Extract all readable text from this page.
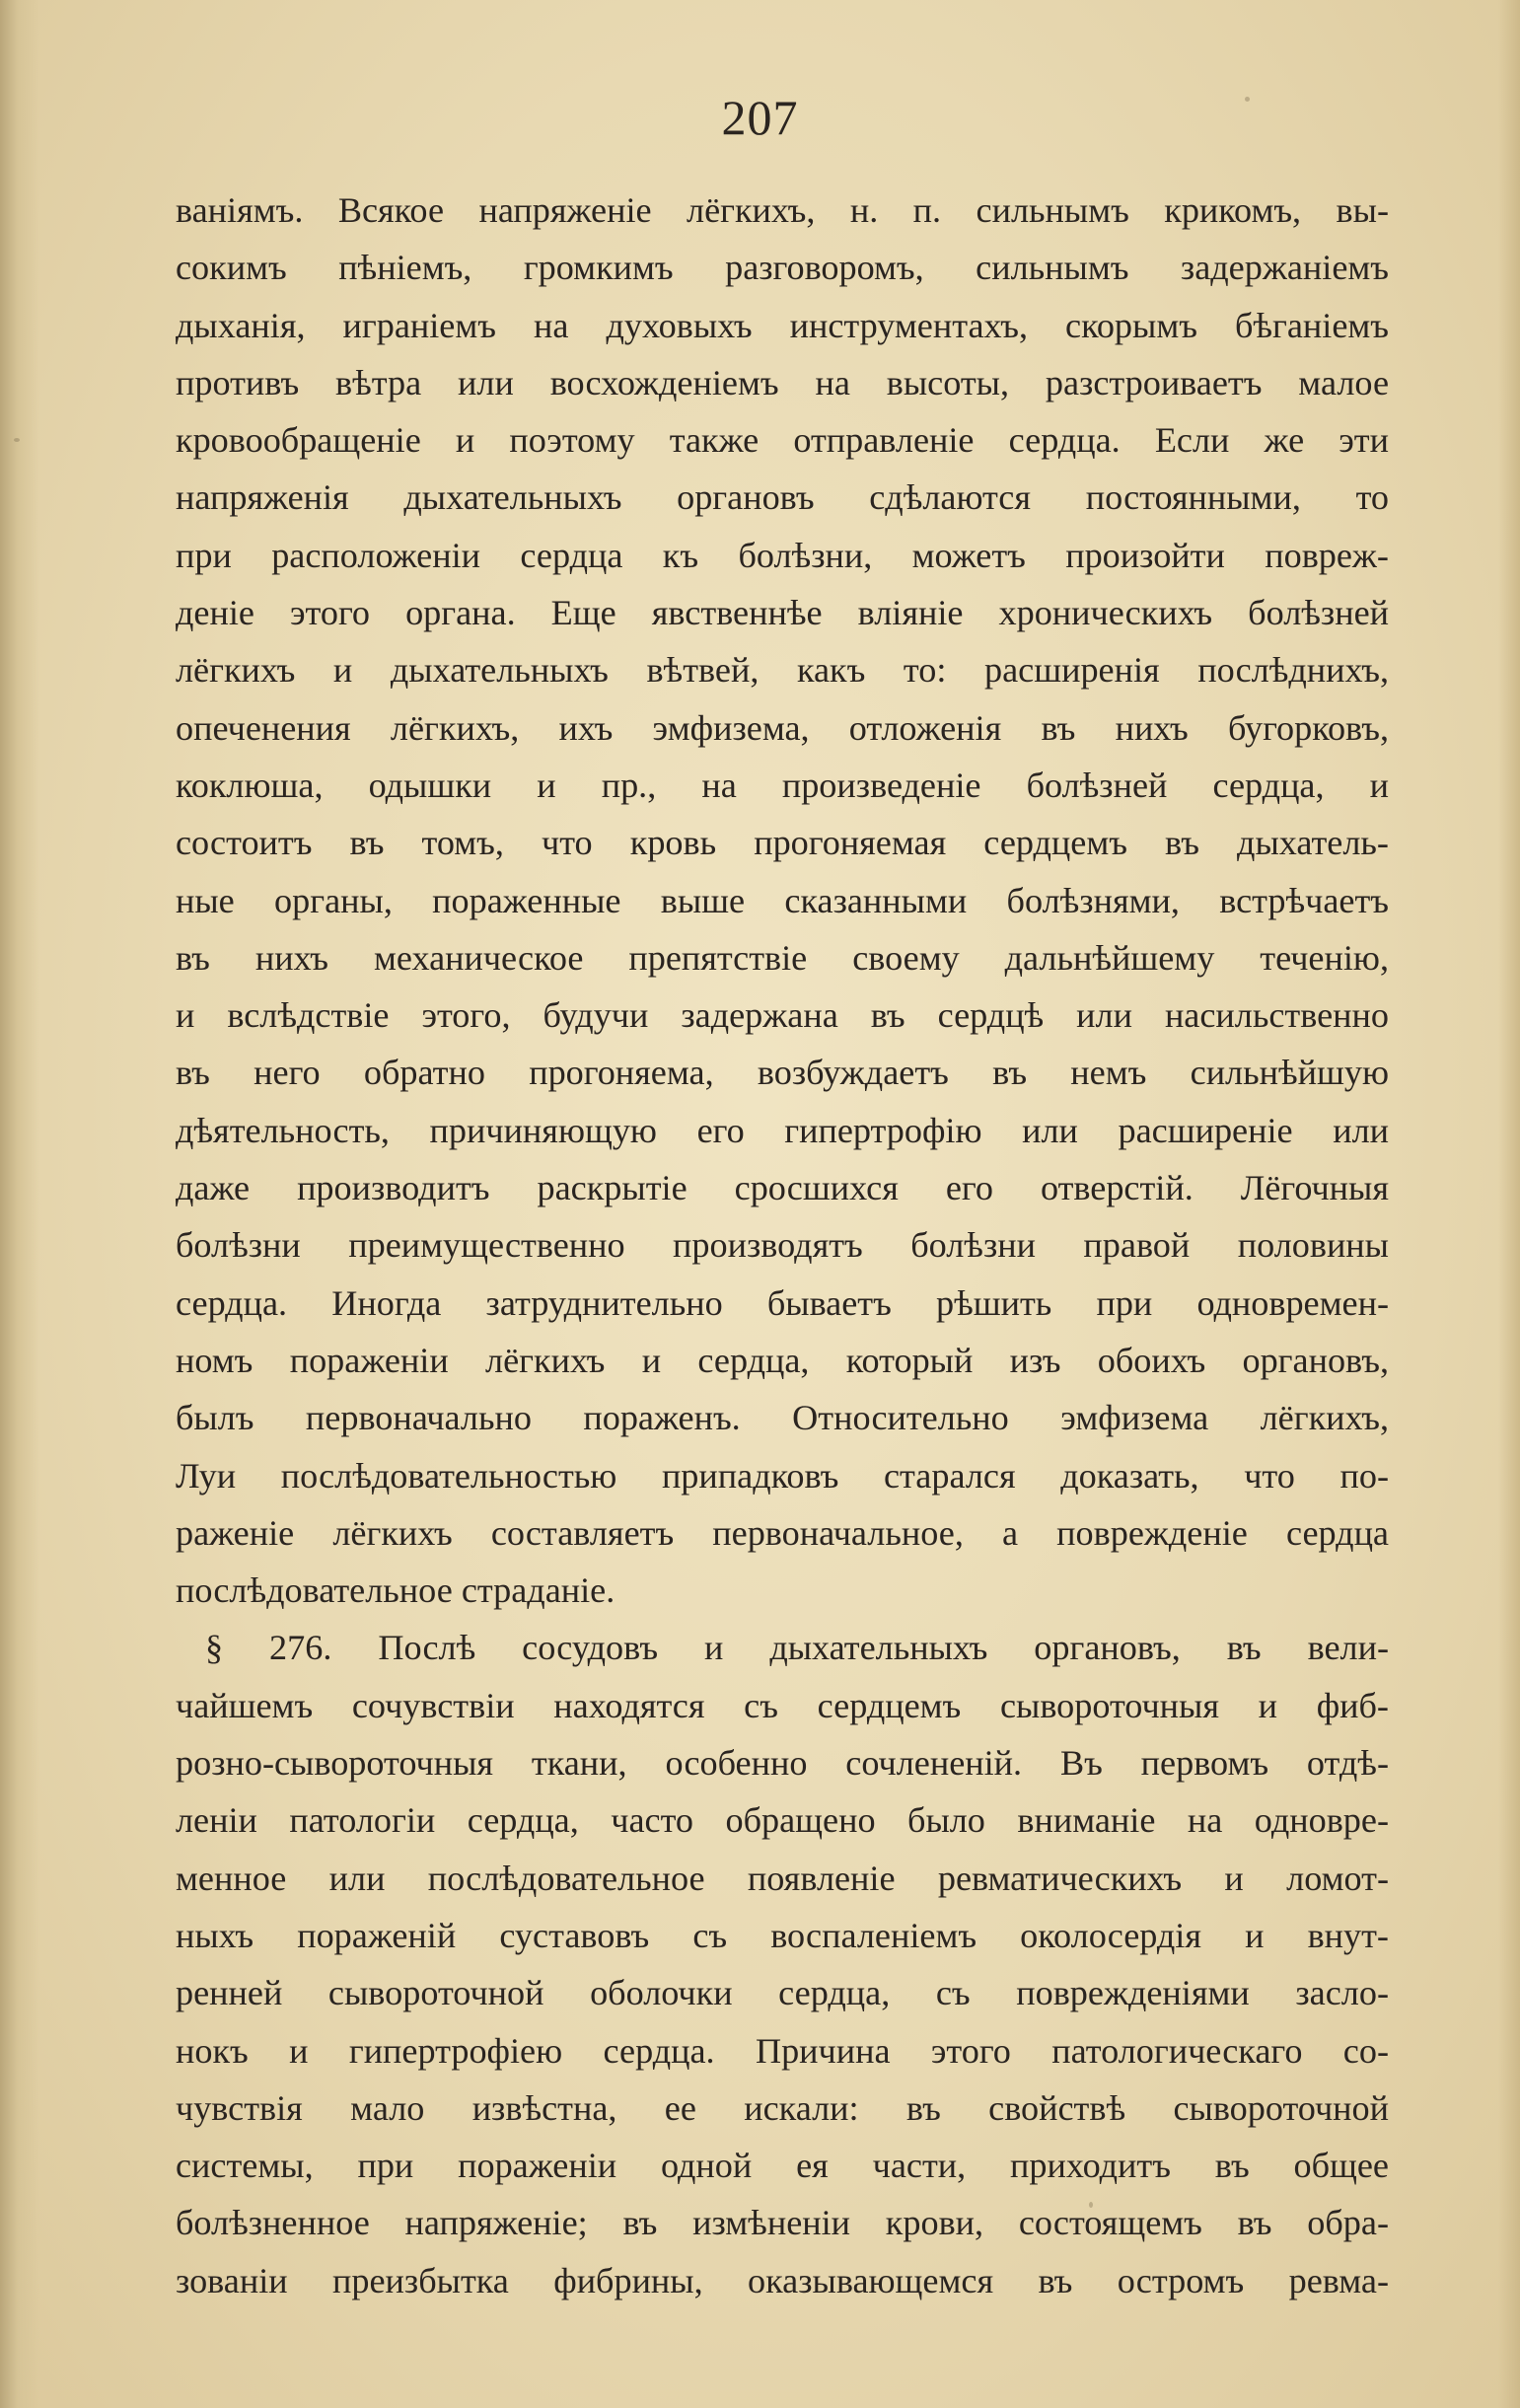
207
ваніямъ. Всякое напряженіе лёгкихъ, н. п. сильнымъ крикомъ, вы-
сокимъ пѣніемъ, громкимъ разговоромъ, сильнымъ задержаніемъ
дыханія, играніемъ на духовыхъ инструментахъ, скорымъ бѣганіемъ
противъ вѣтра или восхожденіемъ на высоты, разстроиваетъ малое
кровообращеніе и поэтому также отправленіе сердца. Если же эти
напряженія дыхательныхъ органовъ сдѣлаются постоянными, то
при расположеніи сердца къ болѣзни, можетъ произойти повреж-
деніе этого органа. Еще явственнѣе вліяніе хроническихъ болѣзней
лёгкихъ и дыхательныхъ вѣтвей, какъ то: расширенія послѣднихъ,
опеченения лёгкихъ, ихъ эмфизема, отложенія въ нихъ бугорковъ,
коклюша, одышки и пр., на произведеніе болѣзней сердца, и
состоитъ въ томъ, что кровь прогоняемая сердцемъ въ дыхатель-
ные органы, пораженные выше сказанными болѣзнями, встрѣчаетъ
въ нихъ механическое препятствіе своему дальнѣйшему теченію,
и вслѣдствіе этого, будучи задержана въ сердцѣ или насильственно
въ него обратно прогоняема, возбуждаетъ въ немъ сильнѣйшую
дѣятельность, причиняющую его гипертрофію или расширеніе или
даже производитъ раскрытіе сросшихся его отверстій. Лёгочныя
болѣзни преимущественно производятъ болѣзни правой половины
сердца. Иногда затруднительно бываетъ рѣшить при одновремен-
номъ пораженіи лёгкихъ и сердца, который изъ обоихъ органовъ,
былъ первоначально пораженъ. Относительно эмфизема лёгкихъ,
Луи послѣдовательностью припадковъ старался доказать, что по-
раженіе лёгкихъ составляетъ первоначальное, а поврежденіе сердца
послѣдовательное страданіе.
§ 276. Послѣ сосудовъ и дыхательныхъ органовъ, въ вели-
чайшемъ сочувствіи находятся съ сердцемъ сывороточныя и фиб-
розно-сывороточныя ткани, особенно сочлененій. Въ первомъ отдѣ-
леніи патологіи сердца, часто обращено было вниманіе на одновре-
менное или послѣдовательное появленіе ревматическихъ и ломот-
ныхъ пораженій суставовъ съ воспаленіемъ околосердія и внут-
ренней сывороточной оболочки сердца, съ поврежденіями засло-
нокъ и гипертрофіею сердца. Причина этого патологическаго со-
чувствія мало извѣстна, ее искали: въ свойствѣ сывороточной
системы, при пораженіи одной ея части, приходитъ въ общее
болѣзненное напряженіе; въ измѣненіи крови, состоящемъ въ обра-
зованіи преизбытка фибрины, оказывающемся въ остромъ ревма-
